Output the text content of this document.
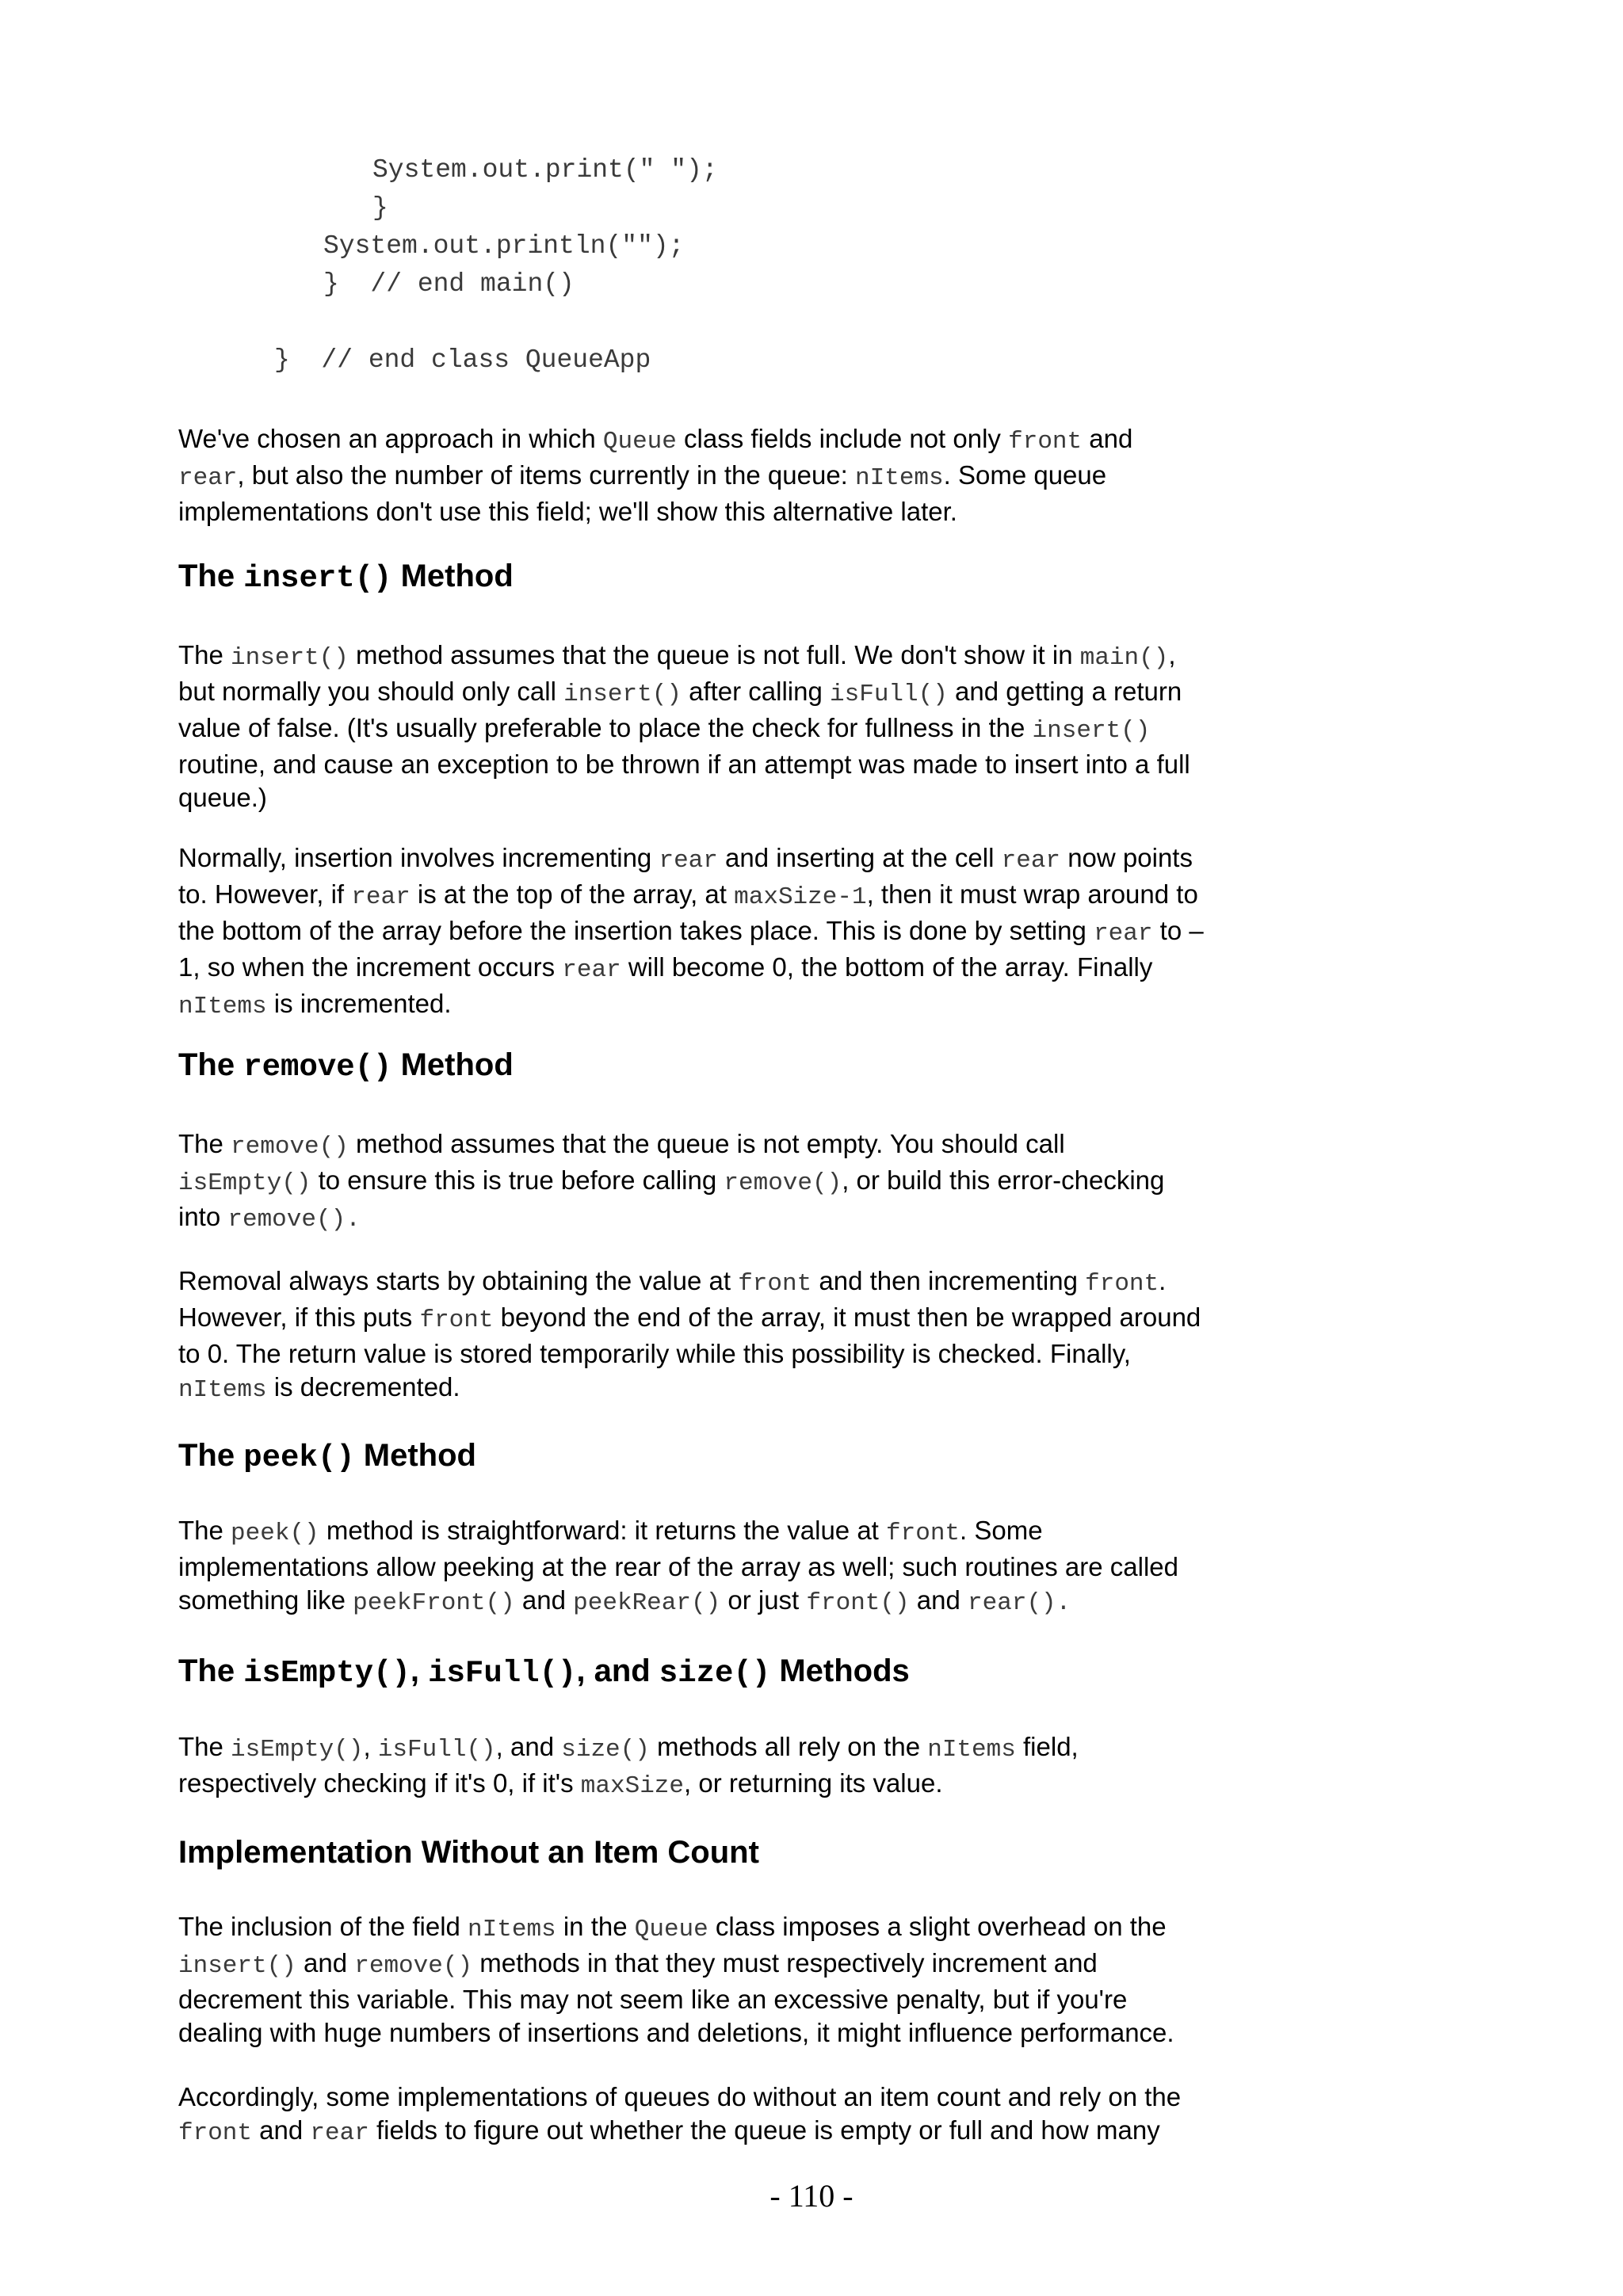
System.out.print(" ");
}
System.out.println("");
}  // end main()
}  // end class QueueApp
We've chosen an approach in which Queue class fields include not only front and
rear, but also the number of items currently in the queue: nItems. Some queue
implementations don't use this field; we'll show this alternative later.
The insert() Method
The insert() method assumes that the queue is not full. We don't show it in main(),
but normally you should only call insert() after calling isFull() and getting a return
value of false. (It's usually preferable to place the check for fullness in the insert()
routine, and cause an exception to be thrown if an attempt was made to insert into a full
queue.)
Normally, insertion involves incrementing rear and inserting at the cell rear now points
to. However, if rear is at the top of the array, at maxSize-1, then it must wrap around to
the bottom of the array before the insertion takes place. This is done by setting rear to –
1, so when the increment occurs rear will become 0, the bottom of the array. Finally
nItems is incremented.
The remove() Method
The remove() method assumes that the queue is not empty. You should call
isEmpty() to ensure this is true before calling remove(), or build this error-checking
into remove().
Removal always starts by obtaining the value at front and then incrementing front.
However, if this puts front beyond the end of the array, it must then be wrapped around
to 0. The return value is stored temporarily while this possibility is checked. Finally,
nItems is decremented.
The peek() Method
The peek() method is straightforward: it returns the value at front. Some
implementations allow peeking at the rear of the array as well; such routines are called
something like peekFront() and peekRear() or just front() and rear().
The isEmpty(), isFull(), and size() Methods
The isEmpty(), isFull(), and size() methods all rely on the nItems field,
respectively checking if it's 0, if it's maxSize, or returning its value.
Implementation Without an Item Count
The inclusion of the field nItems in the Queue class imposes a slight overhead on the
insert() and remove() methods in that they must respectively increment and
decrement this variable. This may not seem like an excessive penalty, but if you're
dealing with huge numbers of insertions and deletions, it might influence performance.
Accordingly, some implementations of queues do without an item count and rely on the
front and rear fields to figure out whether the queue is empty or full and how many
- 110 -
